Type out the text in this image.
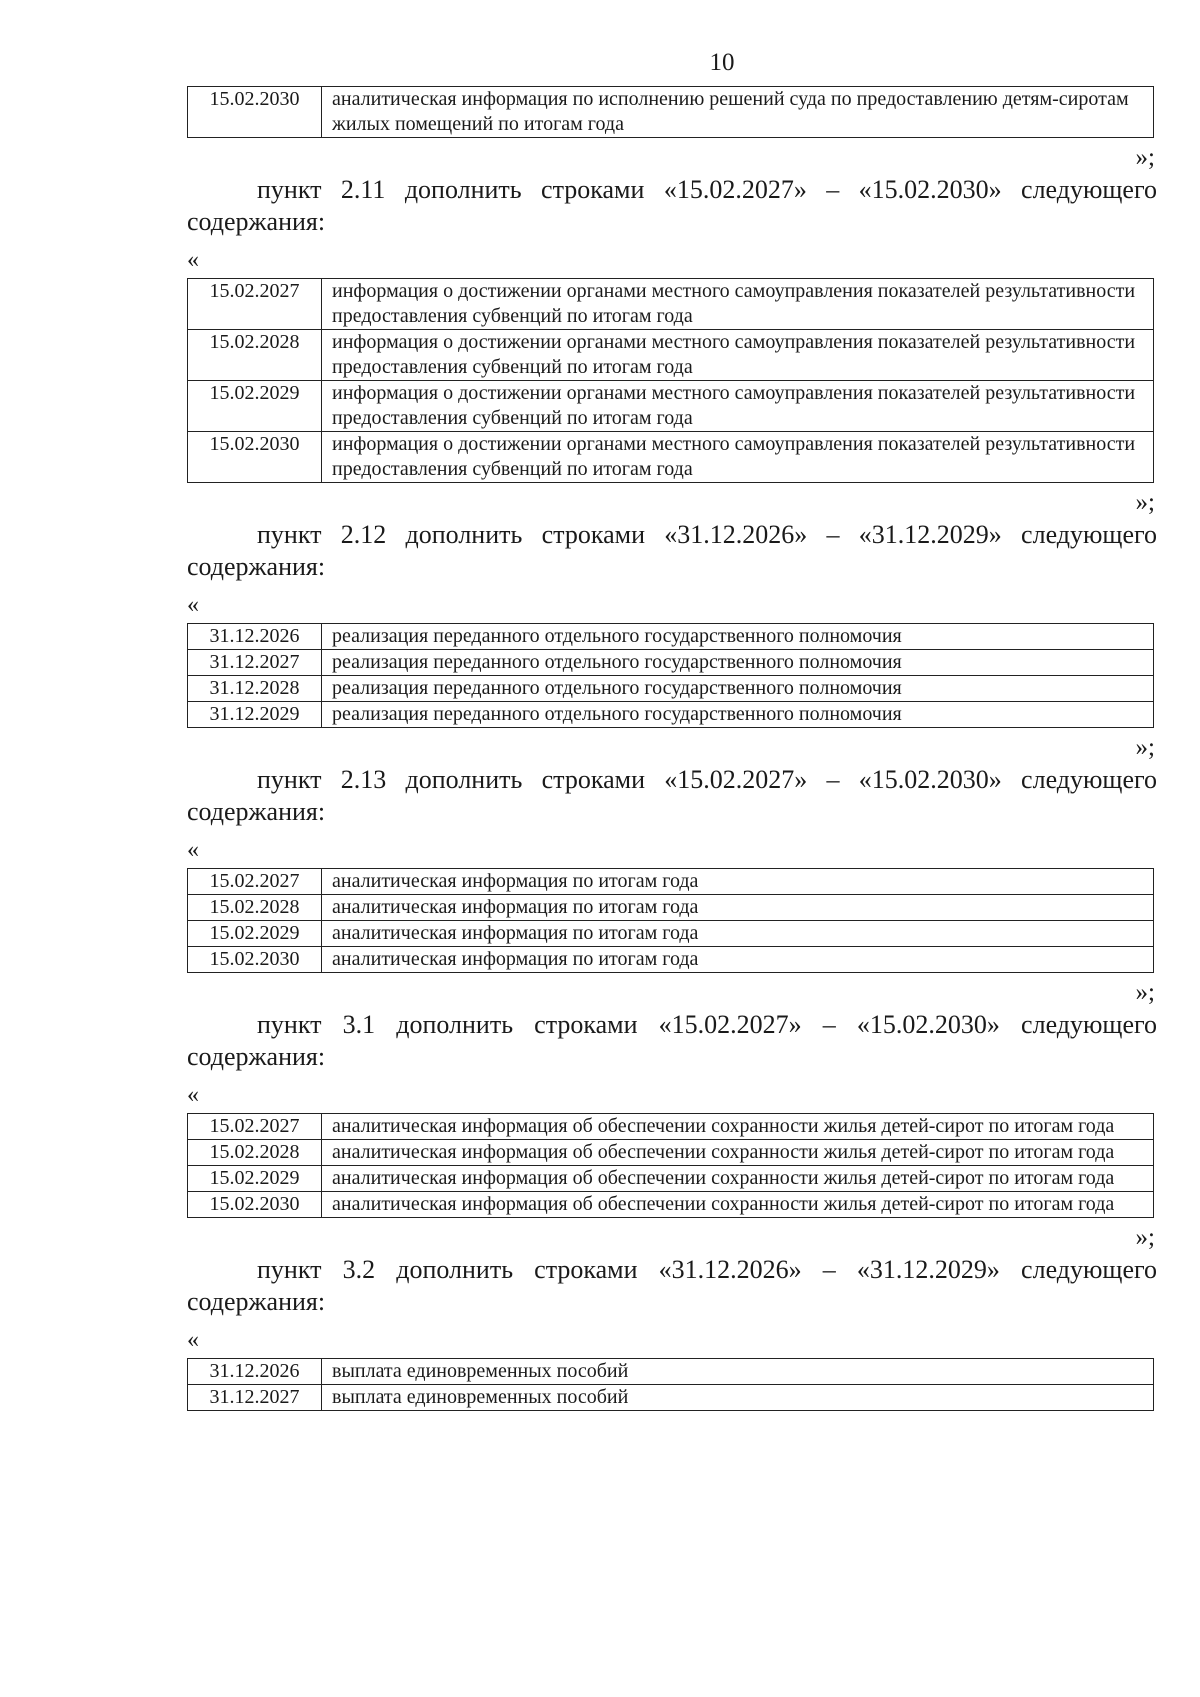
10
15.02.2030	аналитическая информация по исполнению решений суда по предоставлению детям-сиротам жилых помещений по итогам года
»;
пункт 2.11 дополнить строками «15.02.2027» – «15.02.2030» следующего содержания:
«
15.02.2027	информация о достижении органами местного самоуправления показателей результативности предоставления субвенций по итогам года
15.02.2028	информация о достижении органами местного самоуправления показателей результативности предоставления субвенций по итогам года
15.02.2029	информация о достижении органами местного самоуправления показателей результативности предоставления субвенций по итогам года
15.02.2030	информация о достижении органами местного самоуправления показателей результативности предоставления субвенций по итогам года
»;
пункт 2.12 дополнить строками «31.12.2026» – «31.12.2029» следующего содержания:
«
31.12.2026	реализация переданного отдельного государственного полномочия
31.12.2027	реализация переданного отдельного государственного полномочия
31.12.2028	реализация переданного отдельного государственного полномочия
31.12.2029	реализация переданного отдельного государственного полномочия
»;
пункт 2.13 дополнить строками «15.02.2027» – «15.02.2030» следующего содержания:
«
15.02.2027	аналитическая информация по итогам года
15.02.2028	аналитическая информация по итогам года
15.02.2029	аналитическая информация по итогам года
15.02.2030	аналитическая информация по итогам года
»;
пункт 3.1 дополнить строками «15.02.2027» – «15.02.2030» следующего содержания:
«
15.02.2027	аналитическая информация об обеспечении сохранности жилья детей-сирот по итогам года
15.02.2028	аналитическая информация об обеспечении сохранности жилья детей-сирот по итогам года
15.02.2029	аналитическая информация об обеспечении сохранности жилья детей-сирот по итогам года
15.02.2030	аналитическая информация об обеспечении сохранности жилья детей-сирот по итогам года
»;
пункт 3.2 дополнить строками «31.12.2026» – «31.12.2029» следующего содержания:
«
31.12.2026	выплата единовременных пособий
31.12.2027	выплата единовременных пособий
